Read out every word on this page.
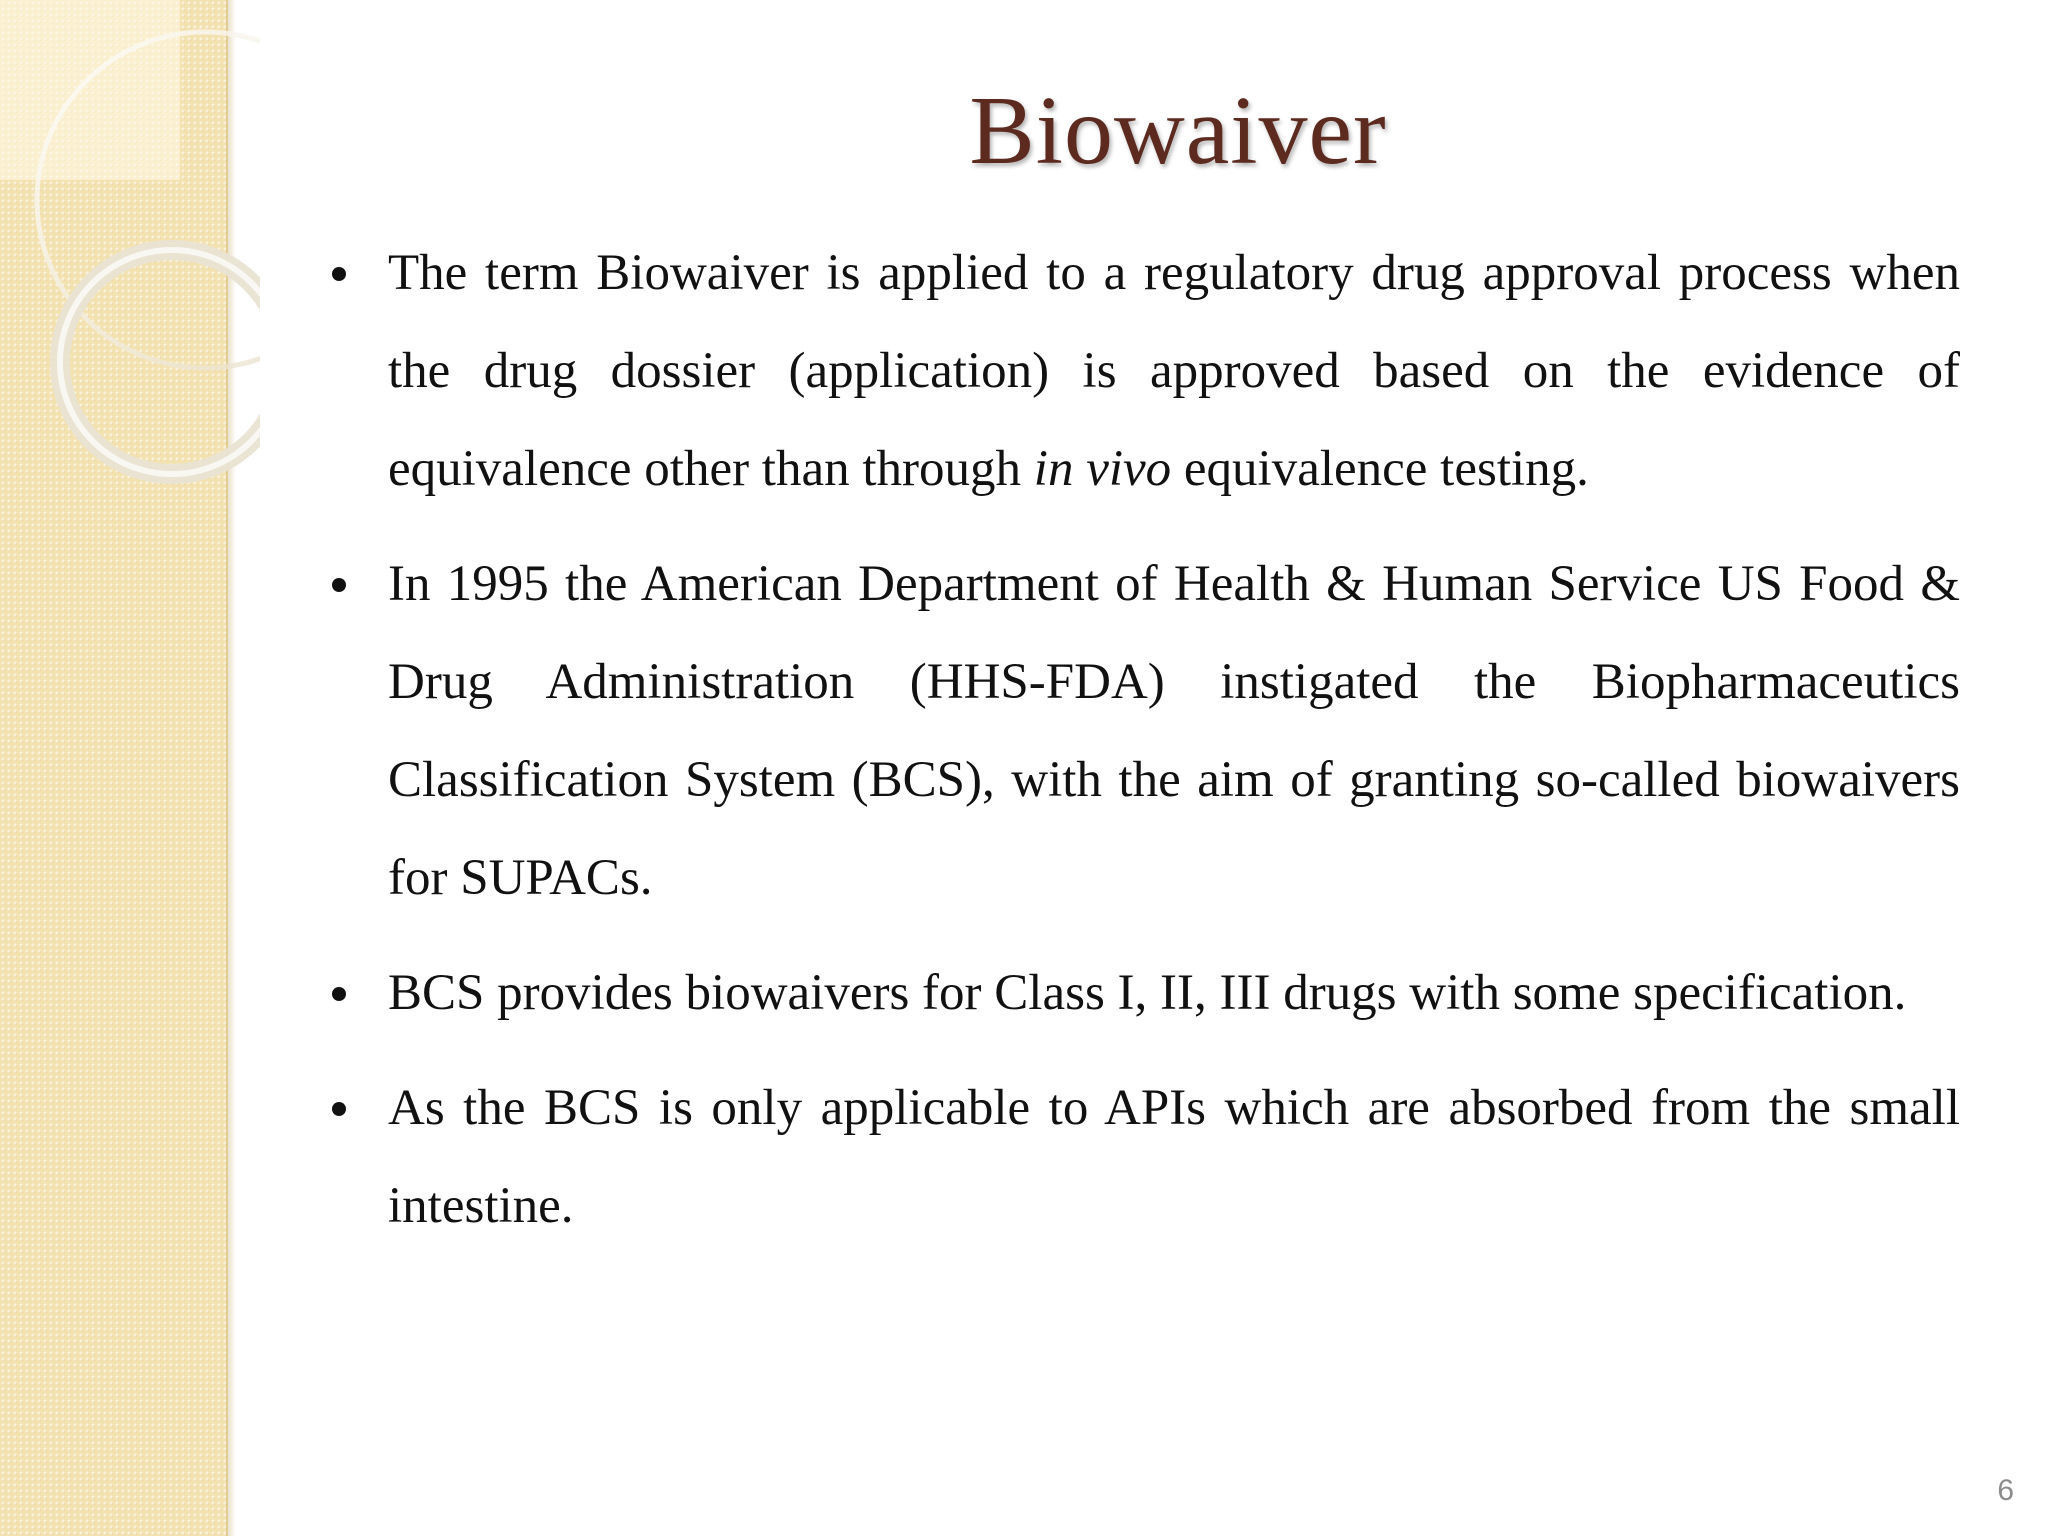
Biowaiver
The term Biowaiver is applied to a regulatory drug approval process when the drug dossier (application) is approved based on the evidence of equivalence other than through in vivo equivalence testing.
In 1995 the American Department of Health & Human Service US Food & Drug Administration (HHS-FDA) instigated the Biopharmaceutics Classification System (BCS), with the aim of granting so-called biowaivers for SUPACs.
BCS provides biowaivers for Class I, II, III drugs with some specification.
As the BCS is only applicable to APIs which are absorbed from the small intestine.
6
